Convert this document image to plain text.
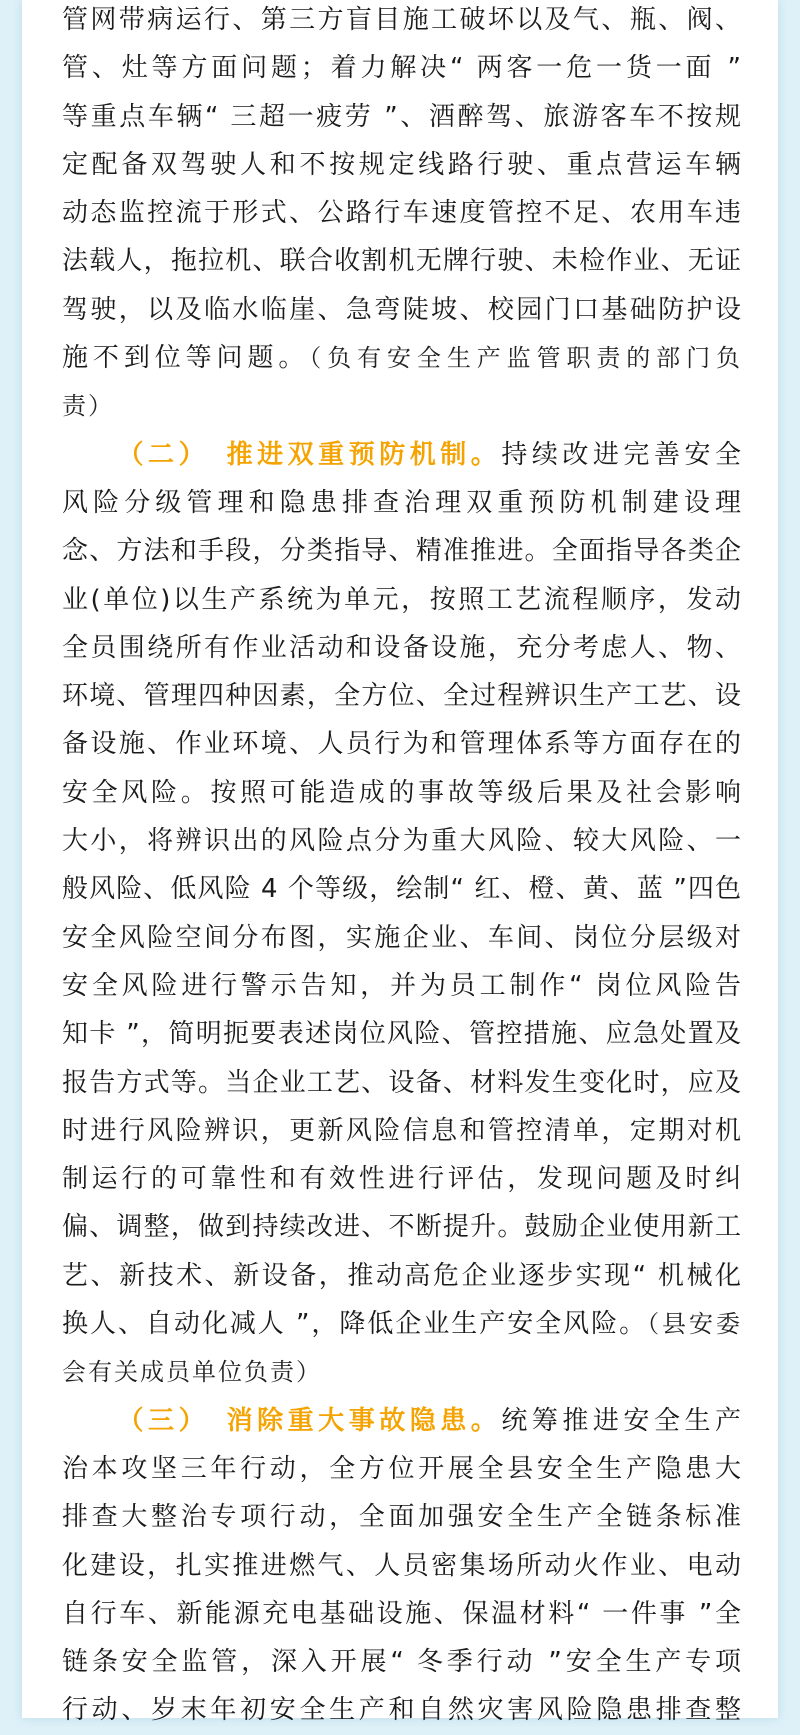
管网带病运行、第三方盲目施工破坏以及气、瓶、阀、
管、灶等方面问题；着力解决“ 两客一危一货一面 ”
等重点车辆“ 三超一疲劳 ”、酒醉驾、旅游客车不按规
定配备双驾驶人和不按规定线路行驶、重点营运车辆
动态监控流于形式、公路行车速度管控不足、农用车违
法载人，拖拉机、联合收割机无牌行驶、未检作业、无证
驾驶，以及临水临崖、急弯陡坡、校园门口基础防护设
施不到位等问题。（负有安全生产监管职责的部门负
责）
（二）　推进双重预防机制。持续改进完善安全
风险分级管理和隐患排查治理双重预防机制建设理
念、方法和手段，分类指导、精准推进。全面指导各类企
业(单位)以生产系统为单元，按照工艺流程顺序，发动
全员围绕所有作业活动和设备设施，充分考虑人、物、
环境、管理四种因素，全方位、全过程辨识生产工艺、设
备设施、作业环境、人员行为和管理体系等方面存在的
安全风险。按照可能造成的事故等级后果及社会影响
大小，将辨识出的风险点分为重大风险、较大风险、一
般风险、低风险 4 个等级，绘制“ 红、橙、黄、蓝 ”四色
安全风险空间分布图，实施企业、车间、岗位分层级对
安全风险进行警示告知，并为员工制作“ 岗位风险告
知卡 ”，简明扼要表述岗位风险、管控措施、应急处置及
报告方式等。当企业工艺、设备、材料发生变化时，应及
时进行风险辨识，更新风险信息和管控清单，定期对机
制运行的可靠性和有效性进行评估，发现问题及时纠
偏、调整，做到持续改进、不断提升。鼓励企业使用新工
艺、新技术、新设备，推动高危企业逐步实现“ 机械化
换人、自动化减人 ”，降低企业生产安全风险。（县安委
会有关成员单位负责）
（三）　消除重大事故隐患。统筹推进安全生产
治本攻坚三年行动，全方位开展全县安全生产隐患大
排查大整治专项行动，全面加强安全生产全链条标准
化建设，扎实推进燃气、人员密集场所动火作业、电动
自行车、新能源充电基础设施、保温材料“ 一件事 ”全
链条安全监管，深入开展“ 冬季行动 ”安全生产专项
行动、岁末年初安全生产和自然灾害风险隐患排查整
